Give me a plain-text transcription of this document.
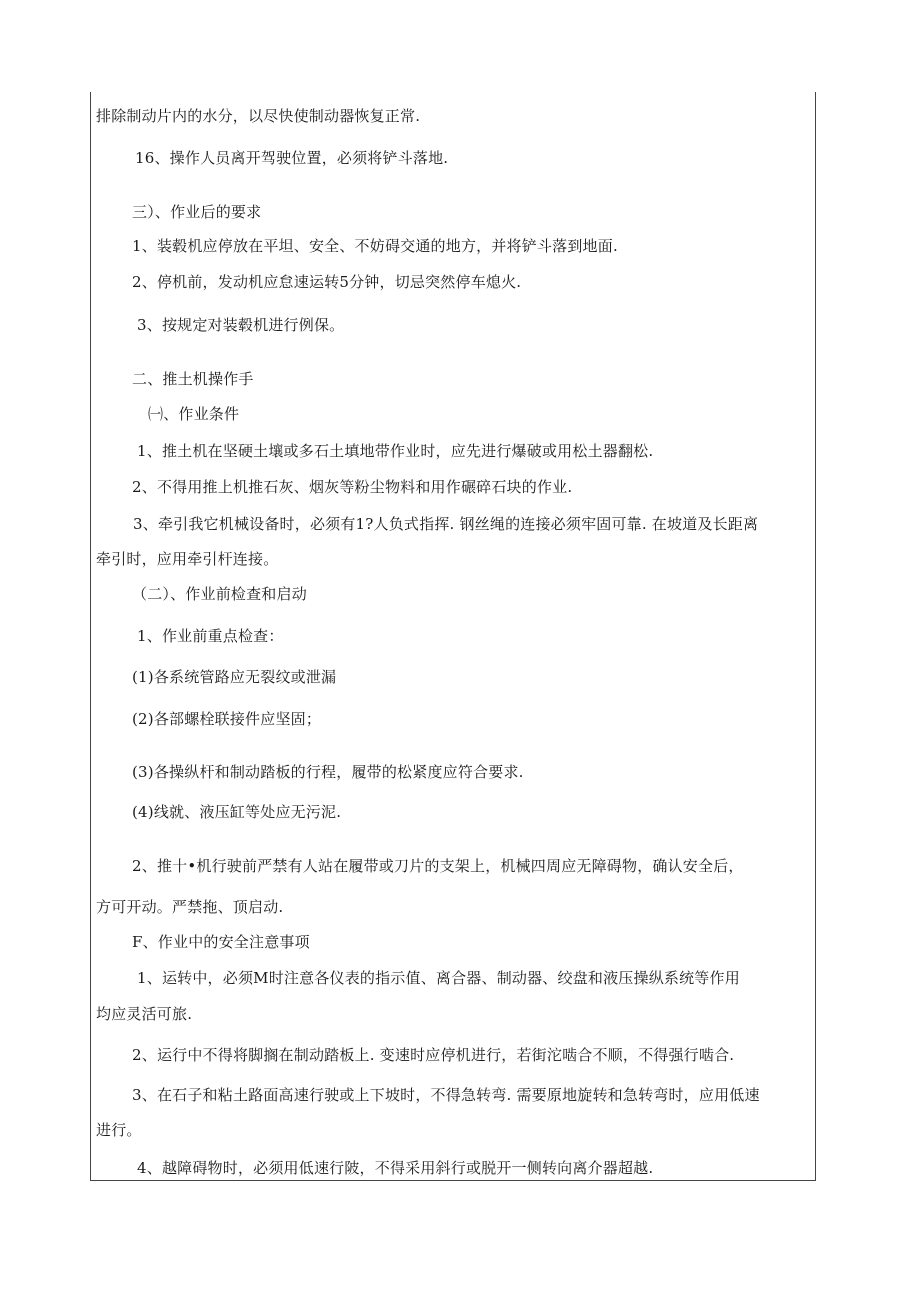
排除制动片内的水分，以尽快使制动器恢复正常.
16、操作人员离开驾驶位置，必须将铲斗落地.
三）、作业后的要求
1、装毂机应停放在平坦、安全、不妨碍交通的地方，并将铲斗落到地面.
2、停机前，发动机应怠速运转5分钟，切忌突然停车熄火.
3、按规定对装毂机进行例保。
二、推土机操作手
㈠、作业条件
1、推土机在坚硬土壤或多石土填地带作业时，应先进行爆破或用松土器翻松.
2、不得用推上机推石灰、烟灰等粉尘物料和用作碾碎石块的作业.
3、牵引我它机械设备时，必须有1?人负式指挥. 钢丝绳的连接必须牢固可靠. 在坡道及长距离
牵引时，应用牵引杆连接。
（二）、作业前检查和启动
1、作业前重点检查：
(1)各系统管路应无裂纹或泄漏
(2)各部螺栓联接件应坚固；
(3)各操纵杆和制动踏板的行程，履带的松紧度应符合要求.
(4)线就、液压缸等处应无污泥.
2、推十•机行驶前严禁有人站在履带或刀片的支架上，机械四周应无障碍物，确认安全后，
方可开动。严禁拖、顶启动.
F、作业中的安全注意事项
1、运转中，必须M时注意各仪表的指示值、离合器、制动器、绞盘和液压操纵系统等作用
均应灵活可旅.
2、运行中不得将脚搁在制动踏板上. 变速时应停机进行，若街沱啮合不顺，不得强行啮合.
3、在石子和粘土路面高速行驶或上下坡时，不得急转弯. 需要原地旋转和急转弯时，应用低速
进行。
4、越障碍物时，必须用低速行陂，不得采用斜行或脱开一侧转向离介器超越.
